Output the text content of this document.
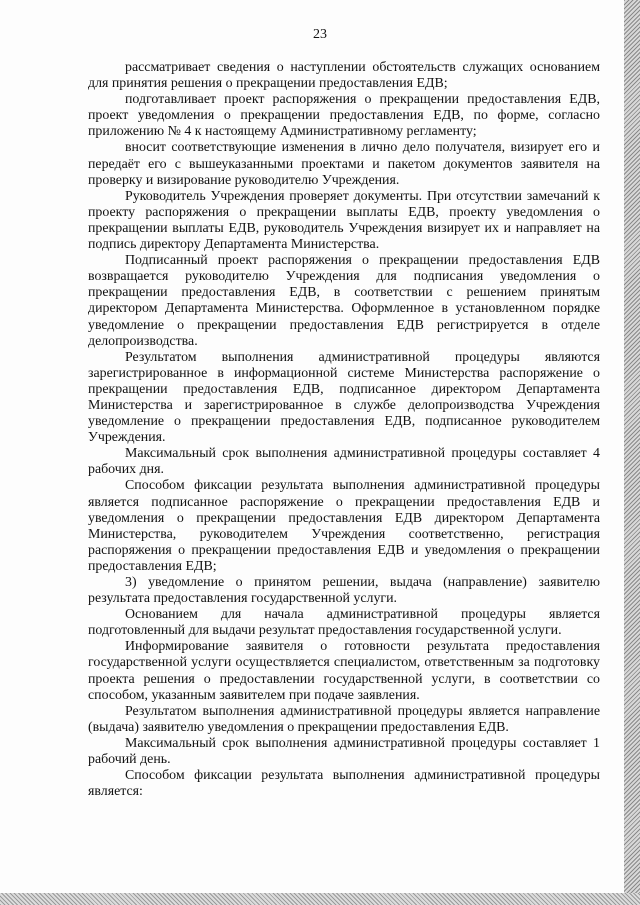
23

рассматривает сведения о наступлении обстоятельств служащих основанием для принятия решения о прекращении предоставления ЕДВ;

подготавливает проект распоряжения о прекращении предоставления ЕДВ, проект уведомления о прекращении предоставления ЕДВ, по форме, согласно приложению № 4 к настоящему Административному регламенту;

вносит соответствующие изменения в лично дело получателя, визирует его и передаёт его с вышеуказанными проектами и пакетом документов заявителя на проверку и визирование руководителю Учреждения.

Руководитель Учреждения проверяет документы. При отсутствии замечаний к проекту распоряжения о прекращении выплаты ЕДВ, проекту уведомления о прекращении выплаты ЕДВ, руководитель Учреждения визирует их и направляет на подпись директору Департамента Министерства.

Подписанный проект распоряжения о прекращении предоставления ЕДВ возвращается руководителю Учреждения для подписания уведомления о прекращении предоставления ЕДВ, в соответствии с решением принятым директором Департамента Министерства. Оформленное в установленном порядке уведомление о прекращении предоставления ЕДВ регистрируется в отделе делопроизводства.

Результатом выполнения административной процедуры являются зарегистрированное в информационной системе Министерства распоряжение о прекращении предоставления ЕДВ, подписанное директором Департамента Министерства и зарегистрированное в службе делопроизводства Учреждения уведомление о прекращении предоставления ЕДВ, подписанное руководителем Учреждения.

Максимальный срок выполнения административной процедуры составляет 4 рабочих дня.

Способом фиксации результата выполнения административной процедуры является подписанное распоряжение о прекращении предоставления ЕДВ и уведомления о прекращении предоставления ЕДВ директором Департамента Министерства, руководителем Учреждения соответственно, регистрация распоряжения о прекращении предоставления ЕДВ и уведомления о прекращении предоставления ЕДВ;

3) уведомление о принятом решении, выдача (направление) заявителю результата предоставления государственной услуги.

Основанием для начала административной процедуры является подготовленный для выдачи результат предоставления государственной услуги.

Информирование заявителя о готовности результата предоставления государственной услуги осуществляется специалистом, ответственным за подготовку проекта решения о предоставлении государственной услуги, в соответствии со способом, указанным заявителем при подаче заявления.

Результатом выполнения административной процедуры является направление (выдача) заявителю уведомления о прекращении предоставления ЕДВ.

Максимальный срок выполнения административной процедуры составляет 1 рабочий день.

Способом фиксации результата выполнения административной процедуры является:
